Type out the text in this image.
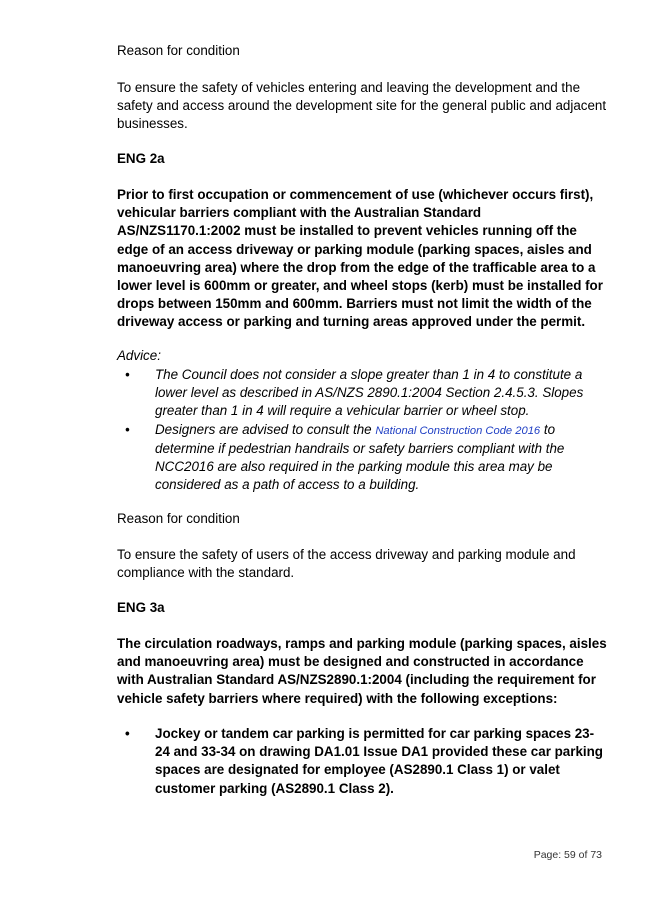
Reason for condition

To ensure the safety of vehicles entering and leaving the development and the safety and access around the development site for the general public and adjacent businesses.

ENG 2a

Prior to first occupation or commencement of use (whichever occurs first), vehicular barriers compliant with the Australian Standard AS/NZS1170.1:2002 must be installed to prevent vehicles running off the edge of an access driveway or parking module (parking spaces, aisles and manoeuvring area) where the drop from the edge of the trafficable area to a lower level is 600mm or greater, and wheel stops (kerb) must be installed for drops between 150mm and 600mm. Barriers must not limit the width of the driveway access or parking and turning areas approved under the permit.

Advice:

• The Council does not consider a slope greater than 1 in 4 to constitute a lower level as described in AS/NZS 2890.1:2004 Section 2.4.5.3. Slopes greater than 1 in 4 will require a vehicular barrier or wheel stop.
• Designers are advised to consult the National Construction Code 2016 to determine if pedestrian handrails or safety barriers compliant with the NCC2016 are also required in the parking module this area may be considered as a path of access to a building.

Reason for condition

To ensure the safety of users of the access driveway and parking module and compliance with the standard.

ENG 3a

The circulation roadways, ramps and parking module (parking spaces, aisles and manoeuvring area) must be designed and constructed in accordance with Australian Standard AS/NZS2890.1:2004 (including the requirement for vehicle safety barriers where required) with the following exceptions:

• Jockey or tandem car parking is permitted for car parking spaces 23-24 and 33-34 on drawing DA1.01 Issue DA1 provided these car parking spaces are designated for employee (AS2890.1 Class 1) or valet customer parking (AS2890.1 Class 2).
Page: 59 of 73
